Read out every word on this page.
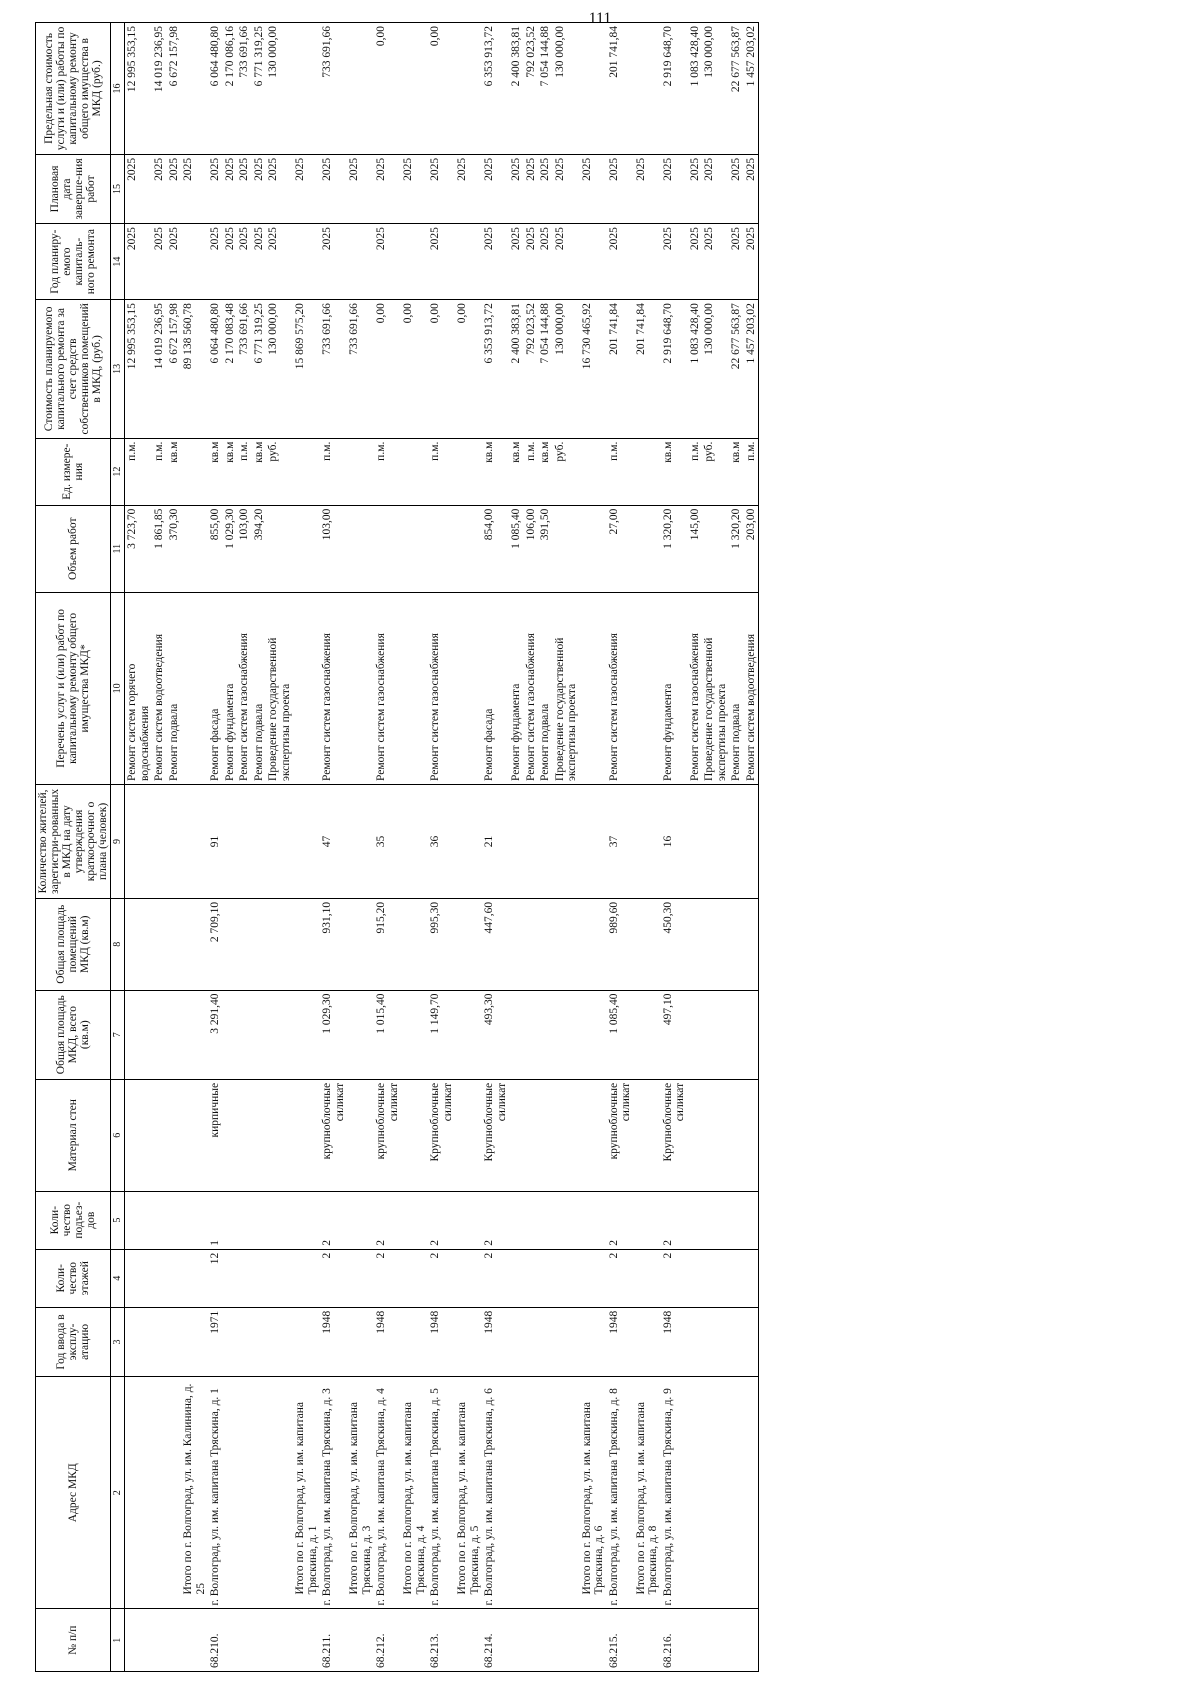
111
№ п/п	Адрес МКД	Год ввода в эксплу-атацию	Коли-чество этажей	Коли-чество подъез-дов	Материал стен	Общая площадь МКД, всего (кв.м)	Общая площадь помещений МКД (кв.м)	Количество жителей, зарегистри-рованных в МКД на дату утверждения краткосрочног о плана (человек)	Перечень услуг и (или) работ по капитальному ремонту общего имущества МКД*	Объем работ	Ед. измере-ния	Стоимость планируемого капитального ремонта за счет средств собственников помещений в МКД, (руб.)	Год планиру-емого капиталь-ного ремонта	Плановая дата заверше-ния работ	Предельная стоимость услуги и (или) работы по капитальному ремонту общего имущества в МКД (руб.)
1	2	3	4	5	6	7	8	9	10	11	12	13	14	15	16
									Ремонт систем горячего водоснабжения	3 723,70	п.м.	12 995 353,15	2025	2025	12 995 353,15
									Ремонт систем водоотведения	1 861,85	п.м.	14 019 236,95	2025	2025	14 019 236,95
									Ремонт подвала	370,30	кв.м	6 672 157,98	2025	2025	6 672 157,98
	Итого по г. Волгоград, ул. им. Калинина, д. 25											89 138 560,78		2025	
68.210.	г. Волгоград, ул. им. капитана Тряскина, д. 1	1971	12	1	кирпичные	3 291,40	2 709,10	91	Ремонт фасада	855,00	кв.м	6 064 480,80	2025	2025	6 064 480,80
									Ремонт фундамента	1 029,30	кв.м	2 170 083,48	2025	2025	2 170 086,16
									Ремонт систем газоснабжения	103,00	п.м.	733 691,66	2025	2025	733 691,66
									Ремонт подвала	394,20	кв.м	6 771 319,25	2025	2025	6 771 319,25
									Проведение государственной экспертизы проекта		руб.	130 000,00	2025	2025	130 000,00
	Итого по г. Волгоград, ул. им. капитана Тряскина, д. 1											15 869 575,20		2025	
68.211.	г. Волгоград, ул. им. капитана Тряскина, д. 3	1948	2	2	крупноблочные силикат	1 029,30	931,10	47	Ремонт систем газоснабжения	103,00	п.м.	733 691,66	2025	2025	733 691,66
	Итого по г. Волгоград, ул. им. капитана Тряскина, д. 3											733 691,66		2025	
68.212.	г. Волгоград, ул. им. капитана Тряскина, д. 4	1948	2	2	крупноблочные силикат	1 015,40	915,20	35	Ремонт систем газоснабжения		п.м.	0,00	2025	2025	0,00
	Итого по г. Волгоград, ул. им. капитана Тряскина, д. 4											0,00		2025	
68.213.	г. Волгоград, ул. им. капитана Тряскина, д. 5	1948	2	2	Крупноблочные силикат	1 149,70	995,30	36	Ремонт систем газоснабжения		п.м.	0,00	2025	2025	0,00
	Итого по г. Волгоград, ул. им. капитана Тряскина, д. 5											0,00		2025	
68.214.	г. Волгоград, ул. им. капитана Тряскина, д. 6	1948	2	2	Крупноблочные силикат	493,30	447,60	21	Ремонт фасада	854,00	кв.м	6 353 913,72	2025	2025	6 353 913,72
									Ремонт фундамента	1 085,40	кв.м	2 400 383,81	2025	2025	2 400 383,81
									Ремонт систем газоснабжения	106,00	п.м.	792 023,52	2025	2025	792 023,52
									Ремонт подвала	391,50	кв.м	7 054 144,88	2025	2025	7 054 144,88
									Проведение государственной экспертизы проекта		руб.	130 000,00	2025	2025	130 000,00
	Итого по г. Волгоград, ул. им. капитана Тряскина, д. 6											16 730 465,92		2025	
68.215.	г. Волгоград, ул. им. капитана Тряскина, д. 8	1948	2	2	крупноблочные силикат	1 085,40	989,60	37	Ремонт систем газоснабжения	27,00	п.м.	201 741,84	2025	2025	201 741,84
	Итого по г. Волгоград, ул. им. капитана Тряскина, д. 8											201 741,84		2025	
68.216.	г. Волгоград, ул. им. капитана Тряскина, д. 9	1948	2	2	Крупноблочные силикат	497,10	450,30	16	Ремонт фундамента	1 320,20	кв.м	2 919 648,70	2025	2025	2 919 648,70
									Ремонт систем газоснабжения	145,00	п.м.	1 083 428,40	2025	2025	1 083 428,40
									Проведение государственной экспертизы проекта		руб.	130 000,00	2025	2025	130 000,00
									Ремонт подвала	1 320,20	кв.м	22 677 563,87	2025	2025	22 677 563,87
									Ремонт систем водоотведения	203,00	п.м.	1 457 203,02	2025	2025	1 457 203,02
